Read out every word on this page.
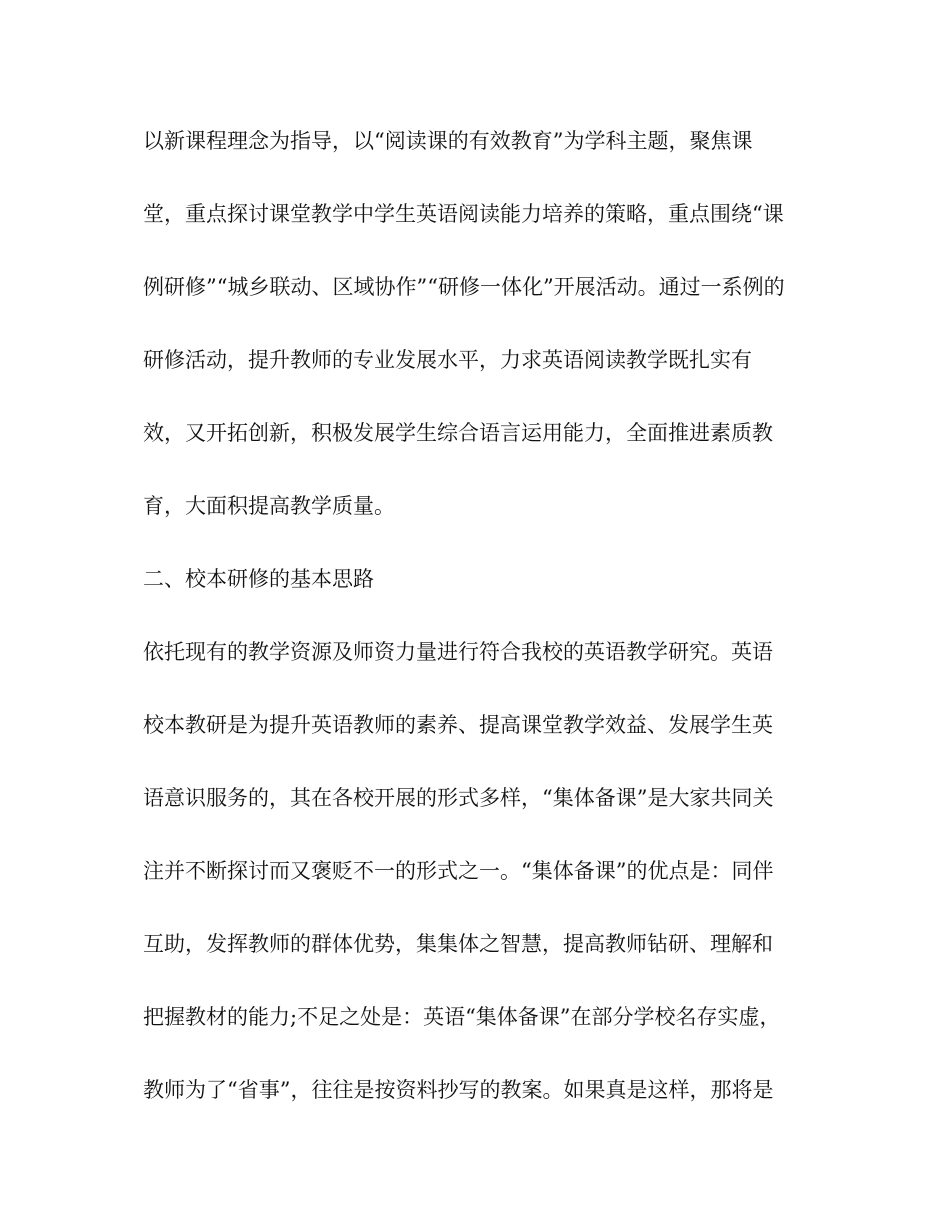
以新课程理念为指导，以“阅读课的有效教育”为学科主题，聚焦课

堂，重点探讨课堂教学中学生英语阅读能力培养的策略，重点围绕“课

例研修”“城乡联动、区域协作”“研修一体化”开展活动。通过一系例的

研修活动，提升教师的专业发展水平，力求英语阅读教学既扎实有

效，又开拓创新，积极发展学生综合语言运用能力，全面推进素质教

育，大面积提高教学质量。

二、校本研修的基本思路

依托现有的教学资源及师资力量进行符合我校的英语教学研究。英语

校本教研是为提升英语教师的素养、提高课堂教学效益、发展学生英

语意识服务的，其在各校开展的形式多样，“集体备课”是大家共同关

注并不断探讨而又褒贬不一的形式之一。“集体备课”的优点是：同伴

互助，发挥教师的群体优势，集集体之智慧，提高教师钻研、理解和

把握教材的能力;不足之处是：英语“集体备课”在部分学校名存实虚，

教师为了“省事”，往往是按资料抄写的教案。如果真是这样，那将是
